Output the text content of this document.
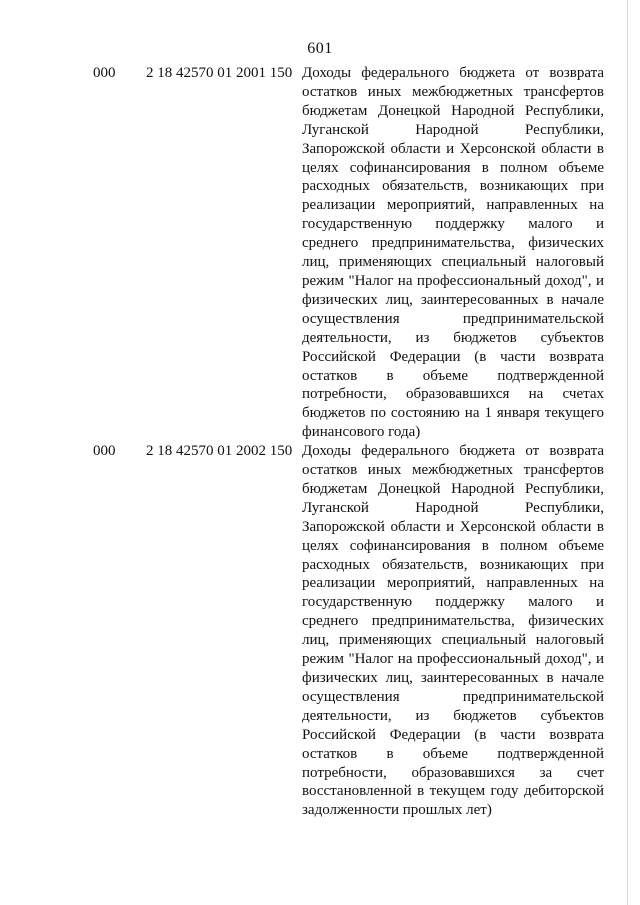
601
000 2 18 42570 01 2001 150 Доходы федерального бюджета от возврата остатков иных межбюджетных трансфертов бюджетам Донецкой Народной Республики, Луганской Народной Республики, Запорожской области и Херсонской области в целях софинансирования в полном объеме расходных обязательств, возникающих при реализации мероприятий, направленных на государственную поддержку малого и среднего предпринимательства, физических лиц, применяющих специальный налоговый режим "Налог на профессиональный доход", и физических лиц, заинтересованных в начале осуществления предпринимательской деятельности, из бюджетов субъектов Российской Федерации (в части возврата остатков в объеме подтвержденной потребности, образовавшихся на счетах бюджетов по состоянию на 1 января текущего финансового года)
000 2 18 42570 01 2002 150 Доходы федерального бюджета от возврата остатков иных межбюджетных трансфертов бюджетам Донецкой Народной Республики, Луганской Народной Республики, Запорожской области и Херсонской области в целях софинансирования в полном объеме расходных обязательств, возникающих при реализации мероприятий, направленных на государственную поддержку малого и среднего предпринимательства, физических лиц, применяющих специальный налоговый режим "Налог на профессиональный доход", и физических лиц, заинтересованных в начале осуществления предпринимательской деятельности, из бюджетов субъектов Российской Федерации (в части возврата остатков в объеме подтвержденной потребности, образовавшихся за счет восстановленной в текущем году дебиторской задолженности прошлых лет)
